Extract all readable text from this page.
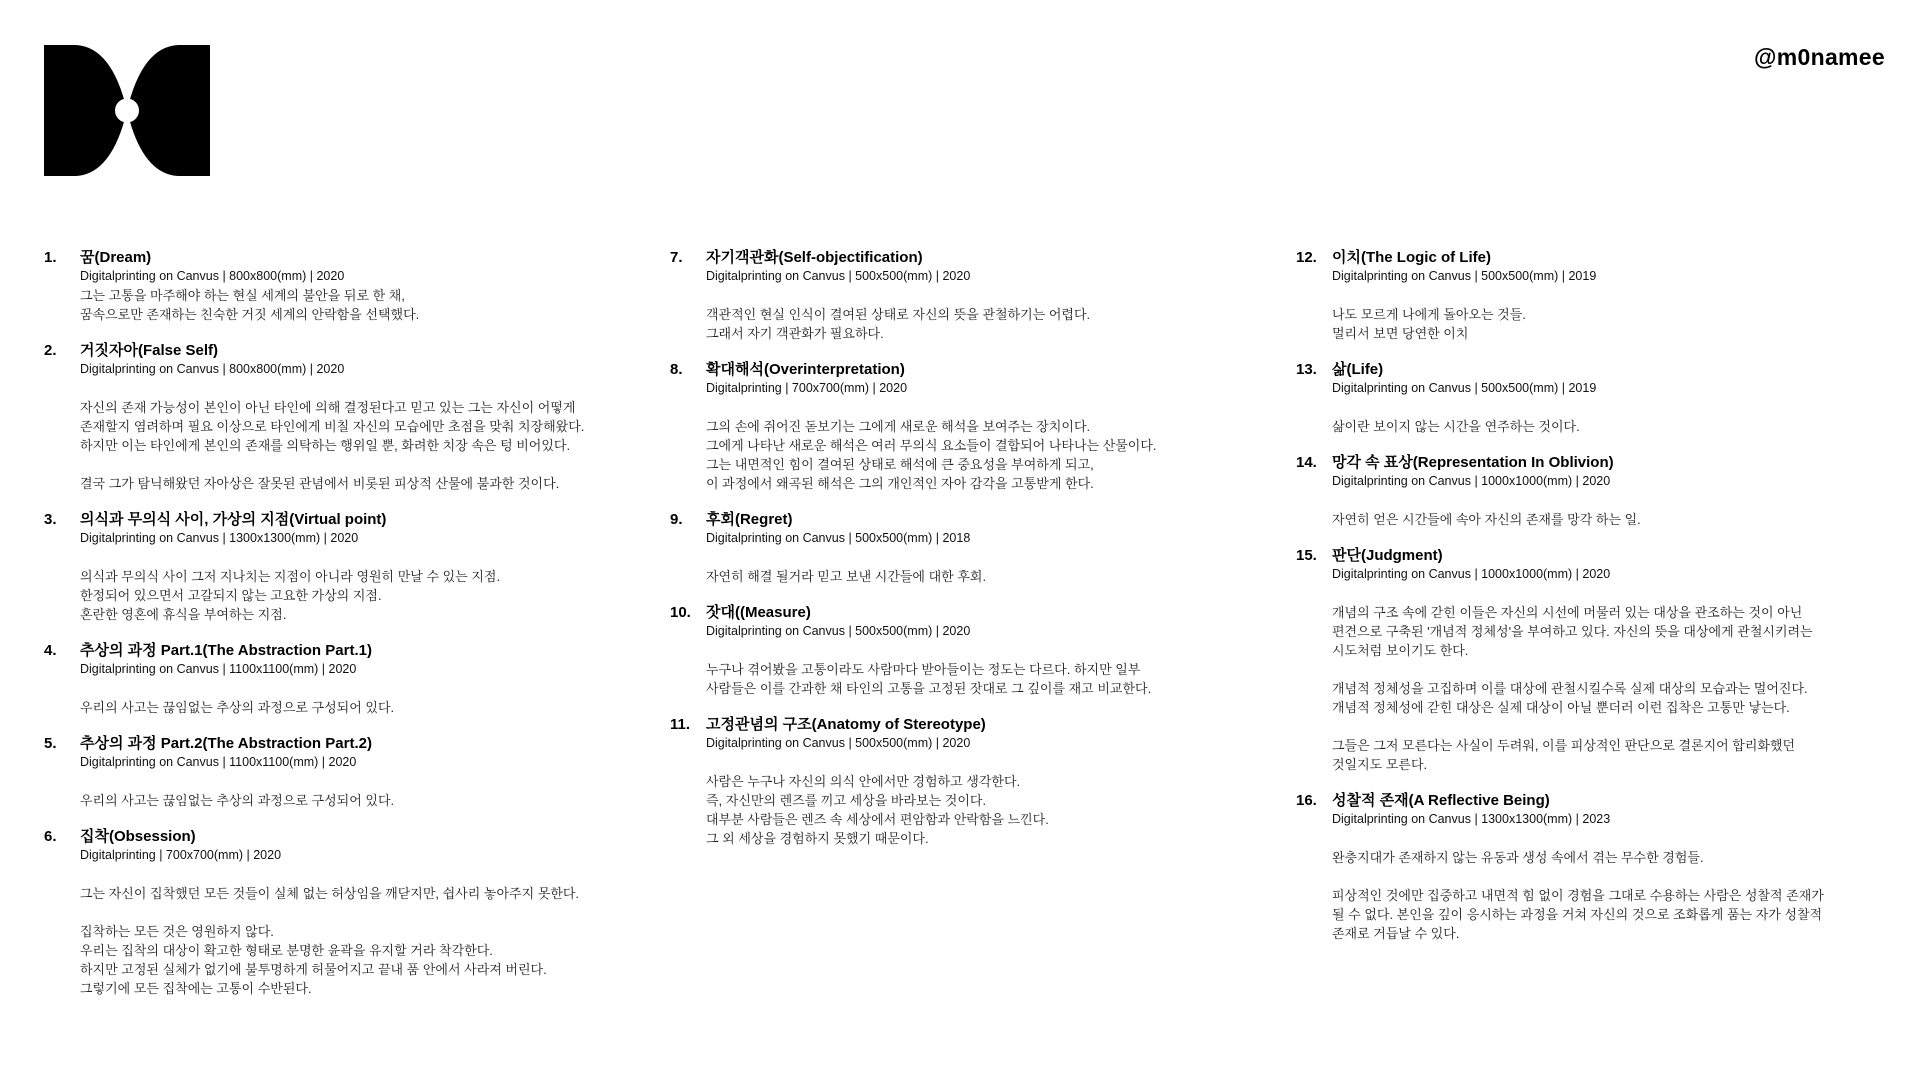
@m0namee
1.	꿈(Dream)
Digitalprinting on Canvus | 800x800(mm) | 2020

그는 고통을 마주해야 하는 현실 세계의 불안을 뒤로 한 채,
꿈속으로만 존재하는 친숙한 거짓 세계의 안락함을 선택했다.

2.	거짓자아(False Self)
Digitalprinting on Canvus | 800x800(mm) | 2020

자신의 존재 가능성이 본인이 아닌 타인에 의해 결정된다고 믿고 있는 그는 자신이 어떻게
존재할지 염려하며 필요 이상으로 타인에게 비칠 자신의 모습에만 초점을 맞춰 치장해왔다.
하지만 이는 타인에게 본인의 존재를 의탁하는 행위일 뿐, 화려한 치장 속은 텅 비어있다.

결국 그가 탐닉해왔던 자아상은 잘못된 관념에서 비롯된 피상적 산물에 불과한 것이다.

3.	의식과 무의식 사이, 가상의 지점(Virtual point)
Digitalprinting on Canvus | 1300x1300(mm) | 2020

의식과 무의식 사이 그저 지나치는 지점이 아니라 영원히 만날 수 있는 지점.
한정되어 있으면서 고갈되지 않는 고요한 가상의 지점.
혼란한 영혼에 휴식을 부여하는 지점.

4.	추상의 과정 Part.1(The Abstraction Part.1)
Digitalprinting on Canvus | 1100x1100(mm) | 2020

우리의 사고는 끊임없는 추상의 과정으로 구성되어 있다.

5.	추상의 과정 Part.2(The Abstraction Part.2)
Digitalprinting on Canvus | 1100x1100(mm) | 2020

우리의 사고는 끊임없는 추상의 과정으로 구성되어 있다.

6.	집착(Obsession)
Digitalprinting | 700x700(mm) | 2020

그는 자신이 집착했던 모든 것들이 실체 없는 허상임을 깨닫지만, 쉽사리 놓아주지 못한다.

집착하는 모든 것은 영원하지 않다.
우리는 집착의 대상이 확고한 형태로 분명한 윤곽을 유지할 거라 착각한다.
하지만 고정된 실체가 없기에 불투명하게 허물어지고 끝내 품 안에서 사라져 버린다.
그렇기에 모든 집착에는 고통이 수반된다.

7.	자기객관화(Self-objectification)
Digitalprinting on Canvus | 500x500(mm) | 2020

객관적인 현실 인식이 결여된 상태로 자신의 뜻을 관철하기는 어렵다.
그래서 자기 객관화가 필요하다.

8.	확대해석(Overinterpretation)
Digitalprinting | 700x700(mm) | 2020

그의 손에 쥐어진 돋보기는 그에게 새로운 해석을 보여주는 장치이다.
그에게 나타난 새로운 해석은 여러 무의식 요소들이 결합되어 나타나는 산물이다.
그는 내면적인 힘이 결여된 상태로 해석에 큰 중요성을 부여하게 되고,
이 과정에서 왜곡된 해석은 그의 개인적인 자아 감각을 고통받게 한다.

9.	후회(Regret)
Digitalprinting on Canvus | 500x500(mm) | 2018

자연히 해결 될거라 믿고 보낸 시간들에 대한 후회.

10.	잣대((Measure)
Digitalprinting on Canvus | 500x500(mm) | 2020

누구나 겪어봤을 고통이라도 사람마다 받아들이는 정도는 다르다. 하지만 일부
사람들은 이를 간과한 채 타인의 고통을 고정된 잣대로 그 깊이를 재고 비교한다.

11.	고정관념의 구조(Anatomy of Stereotype)
Digitalprinting on Canvus | 500x500(mm) | 2020

사람은 누구나 자신의 의식 안에서만 경험하고 생각한다.
즉, 자신만의 렌즈를 끼고 세상을 바라보는 것이다.
대부분 사람들은 렌즈 속 세상에서 편암함과 안락함을 느낀다.
그 외 세상을 경험하지 못했기 때문이다.

12.	이치(The Logic of Life)
Digitalprinting on Canvus | 500x500(mm) | 2019

나도 모르게 나에게 돌아오는 것들.
멀리서 보면 당연한 이치

13.	삶(Life)
Digitalprinting on Canvus | 500x500(mm) | 2019

삶이란 보이지 않는 시간을 연주하는 것이다.

14.	망각 속 표상(Representation In Oblivion)
Digitalprinting on Canvus | 1000x1000(mm) | 2020

자연히 얻은 시간들에 속아 자신의 존재를 망각 하는 일.

15.	판단(Judgment)
Digitalprinting on Canvus | 1000x1000(mm) | 2020

개념의 구조 속에 갇힌 이들은 자신의 시선에 머물러 있는 대상을 관조하는 것이 아닌
편견으로 구축된 '개념적 정체성'을 부여하고 있다. 자신의 뜻을 대상에게 관철시키려는
시도처럼 보이기도 한다.

개념적 정체성을 고집하며 이를 대상에 관철시킬수록 실제 대상의 모습과는 멀어진다.
개념적 정체성에 갇힌 대상은 실제 대상이 아닐 뿐더러 이런 집착은 고통만 낳는다.

그들은 그저 모른다는 사실이 두려워, 이를 피상적인 판단으로 결론지어 합리화했던
것일지도 모른다.

16.	성찰적 존재(A Reflective Being)
Digitalprinting on Canvus | 1300x1300(mm) | 2023

완충지대가 존재하지 않는 유동과 생성 속에서 겪는 무수한 경험들.

피상적인 것에만 집중하고 내면적 힘 없이 경험을 그대로 수용하는 사람은 성찰적 존재가
될 수 없다. 본인을 깊이 응시하는 과정을 거쳐 자신의 것으로 조화롭게 품는 자가 성찰적
존재로 거듭날 수 있다.
